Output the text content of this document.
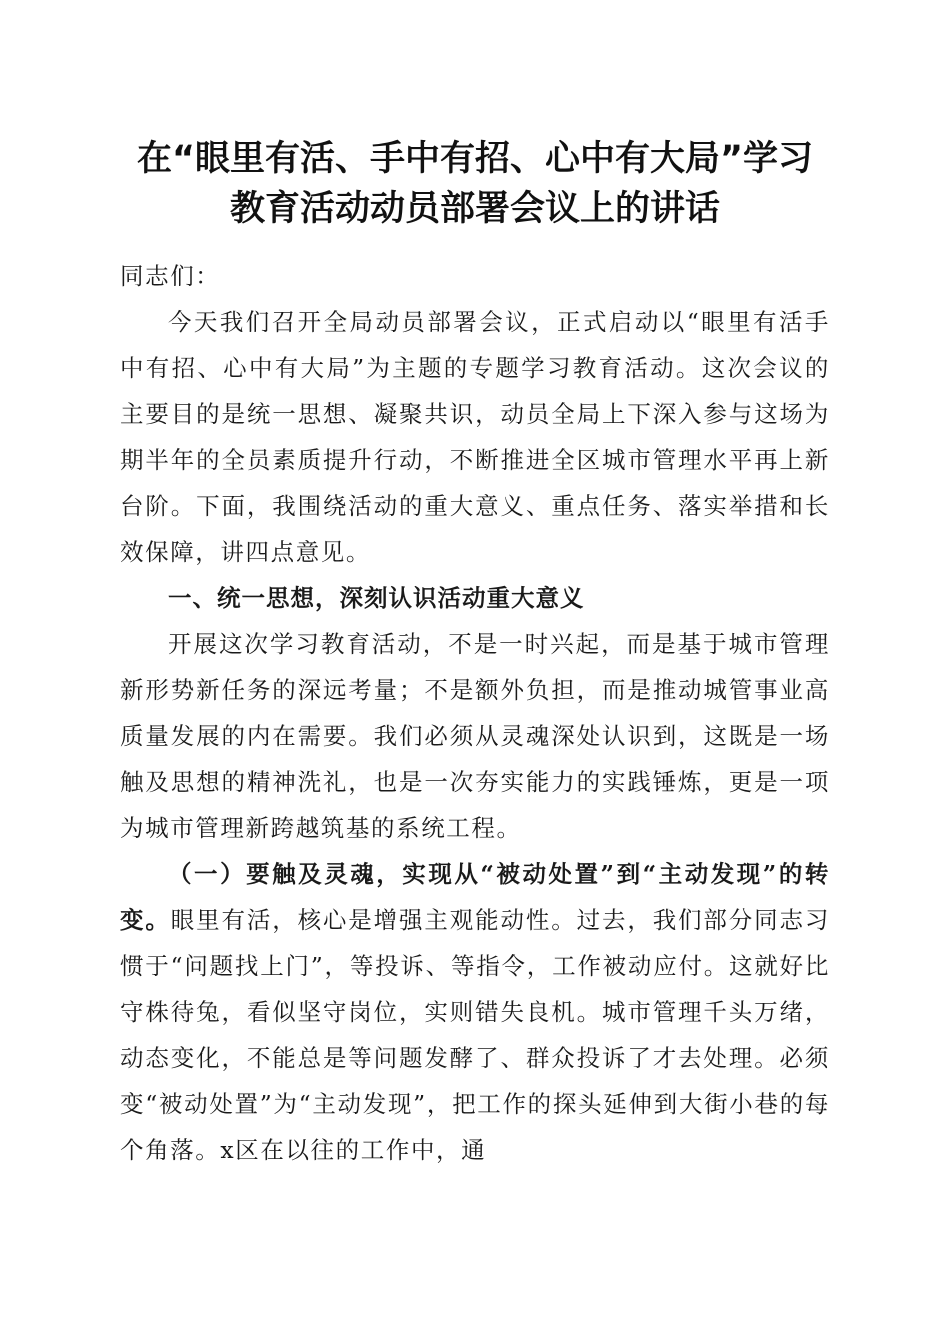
在“眼里有活、手中有招、心中有大局”学习
教育活动动员部署会议上的讲话

同志们：

今天我们召开全局动员部署会议，正式启动以“眼里有活手中有招、心中有大局”为主题的专题学习教育活动。这次会议的主要目的是统一思想、凝聚共识，动员全局上下深入参与这场为期半年的全员素质提升行动，不断推进全区城市管理水平再上新台阶。下面，我围绕活动的重大意义、重点任务、落实举措和长效保障，讲四点意见。

一、统一思想，深刻认识活动重大意义

开展这次学习教育活动，不是一时兴起，而是基于城市管理新形势新任务的深远考量；不是额外负担，而是推动城管事业高质量发展的内在需要。我们必须从灵魂深处认识到，这既是一场触及思想的精神洗礼，也是一次夯实能力的实践锤炼，更是一项为城市管理新跨越筑基的系统工程。

（一）要触及灵魂，实现从“被动处置”到“主动发现”的转变。眼里有活，核心是增强主观能动性。过去，我们部分同志习惯于“问题找上门”，等投诉、等指令，工作被动应付。这就好比守株待兔，看似坚守岗位，实则错失良机。城市管理千头万绪，动态变化，不能总是等问题发酵了、群众投诉了才去处理。必须变“被动处置”为“主动发现”，把工作的探头延伸到大街小巷的每个角落。x区在以往的工作中，通
